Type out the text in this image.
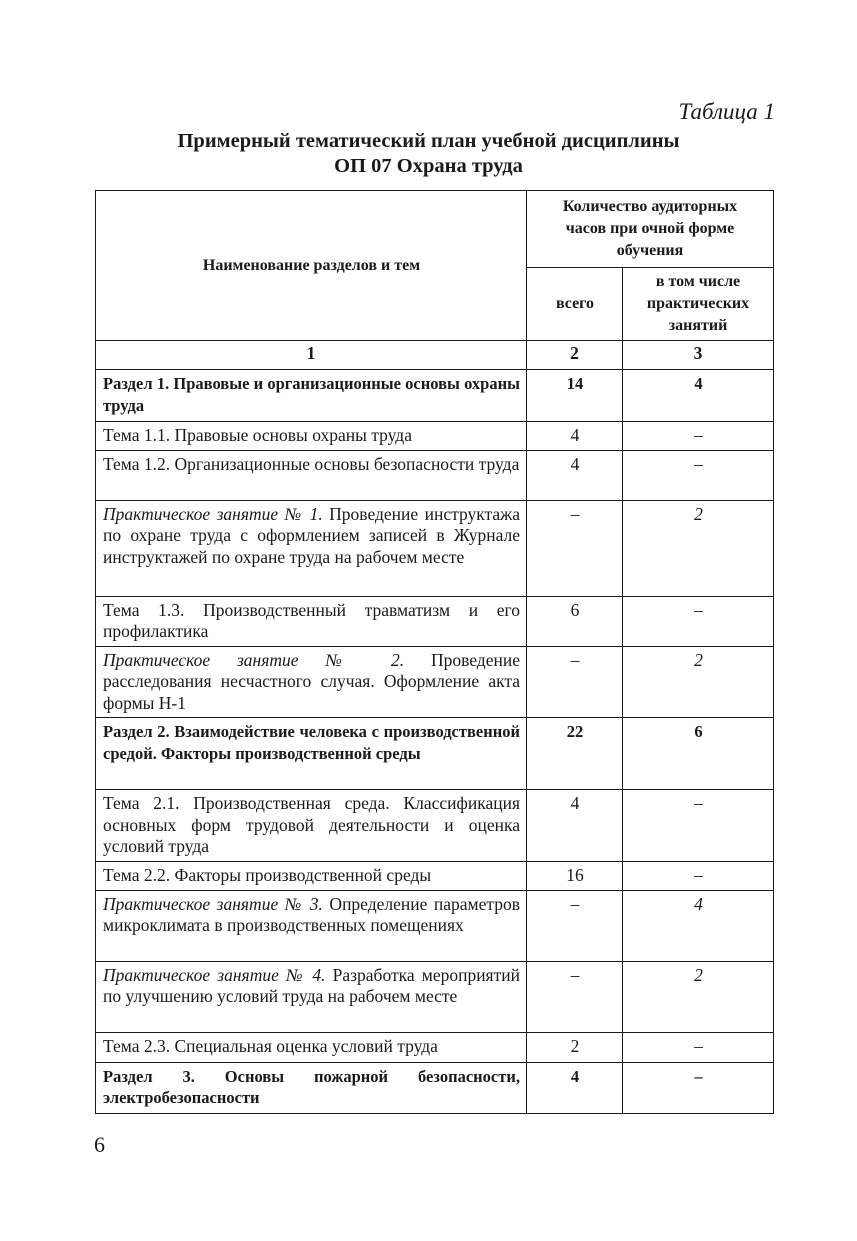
Таблица 1
Примерный тематический план учебной дисциплины
ОП 07 Охрана труда
Наименование разделов и тем	Количество аудиторных часов при очной форме обучения	
	всего	в том числе практических занятий
1	2	3
Раздел 1. Правовые и организационные основы охраны труда	14	4
Тема 1.1. Правовые основы охраны труда	4	–
Тема 1.2. Организационные основы безопасности труда	4	–
Практическое занятие № 1. Проведение инструктажа по охране труда с оформлением записей в Журнале инструктажей по охране труда на рабочем месте	–	2
Тема 1.3. Производственный травматизм и его профилактика	6	–
Практическое занятие № 2. Проведение расследования несчастного случая. Оформление акта формы Н-1	–	2
Раздел 2. Взаимодействие человека с производственной средой. Факторы производственной среды	22	6
Тема 2.1. Производственная среда. Классификация основных форм трудовой деятельности и оценка условий труда	4	–
Тема 2.2. Факторы производственной среды	16	–
Практическое занятие № 3. Определение параметров микроклимата в производственных помещениях	–	4
Практическое занятие № 4. Разработка мероприятий по улучшению условий труда на рабочем месте	–	2
Тема 2.3. Специальная оценка условий труда	2	–
Раздел 3. Основы пожарной безопасности, электробезопасности	4	–
6
